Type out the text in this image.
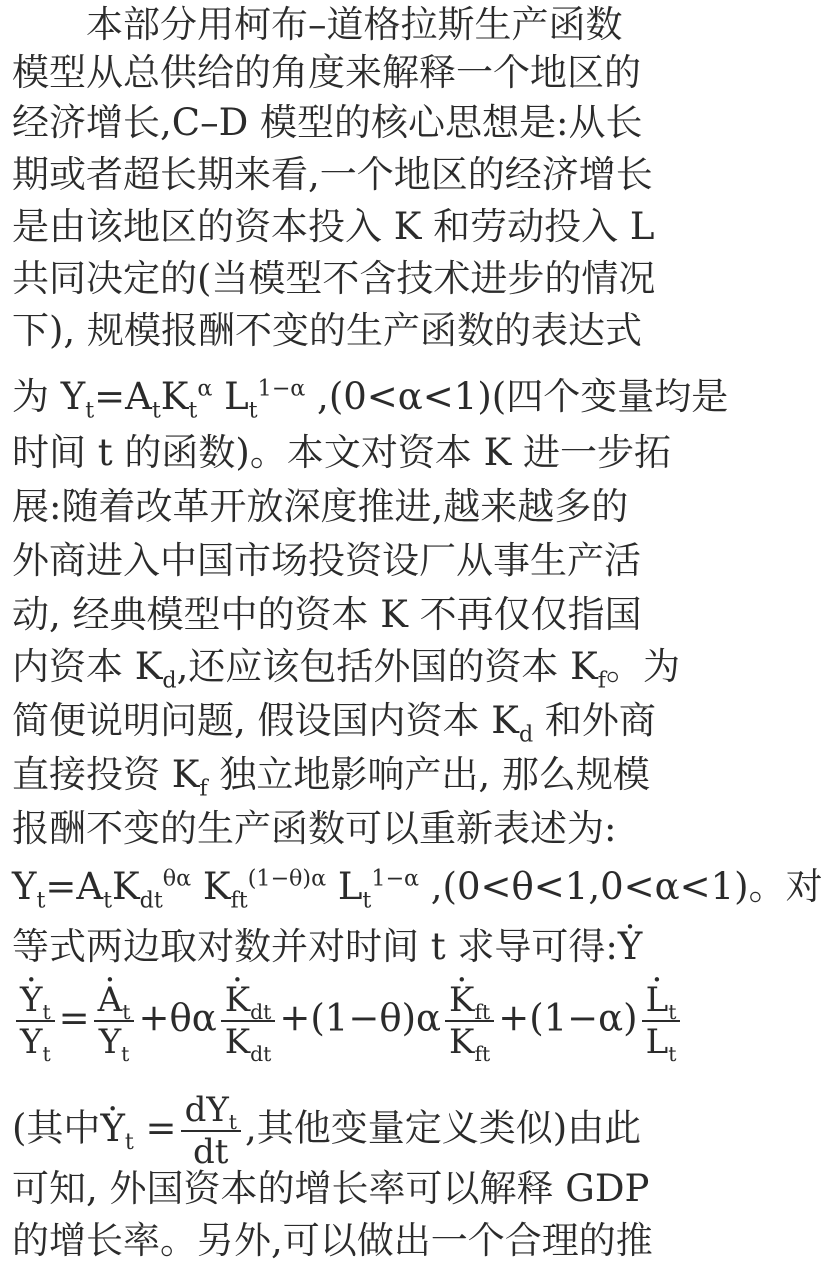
　　本部分用柯布–道格拉斯生产函数
模型从总供给的角度来解释一个地区的
经济增长,C–D 模型的核心思想是:从长
期或者超长期来看,一个地区的经济增长
是由该地区的资本投入 K 和劳动投入 L
共同决定的(当模型不含技术进步的情况
下), 规模报酬不变的生产函数的表达式
为 $Y_t=A_tK_t^\alpha$ $L_t^{1-\alpha}$ ,(0<α<1)(四个变量均是
时间 t 的函数)。本文对资本 K 进一步拓
展:随着改革开放深度推进,越来越多的
外商进入中国市场投资设厂从事生产活
动, 经典模型中的资本 K 不再仅仅指国
内资本 $K_d$,还应该包括外国的资本 $K_f$。为
简便说明问题, 假设国内资本 $K_d$ 和外商
直接投资 $K_f$ 独立地影响产出, 那么规模
报酬不变的生产函数可以重新表述为:
$Y_t=A_tK_{dt}^{\theta\alpha}$ $K_{ft}^{(1-\theta)\alpha}$ $L_t^{1-\alpha}$ ,(0<θ<1,0<α<1)。对
等式两边取对数并对时间 t 求导可得:. Y
. $\frac{Y_t}{Y_t}$ = . $\frac{A_t}{Y_t} +\theta\alpha$ . $\frac{K_{dt}}{K_{dt}} +(1-\theta)\alpha$ . $\frac{K_{ft}}{K_{ft}} +(1-\alpha)$ . $\frac{L_t}{L_t}$
(其中. $Y_t = \frac{dY_t}{dt}$ ,其他变量定义类似)由此
可知, 外国资本的增长率可以解释 GDP
的增长率。另外,可以做出一个合理的推
